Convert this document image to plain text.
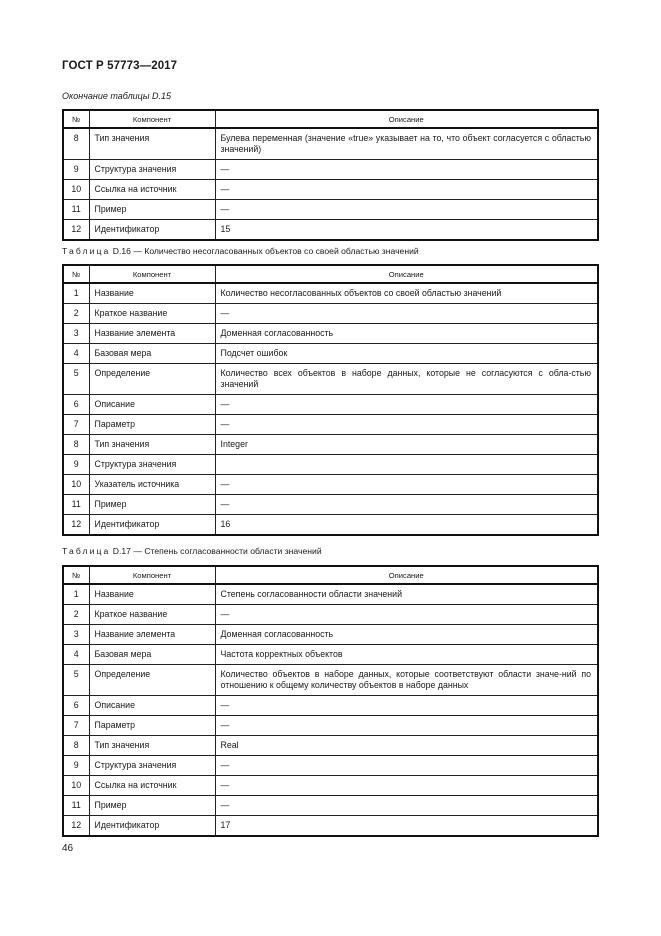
ГОСТ Р 57773—2017
Окончание таблицы D.15
№	Компонент	Описание
8	Тип значения	Булева переменная (значение «true» указывает на то, что объект согласуется с областью значений)
9	Структура значения	—
10	Ссылка на источник	—
11	Пример	—
12	Идентификатор	15
Таблица D.16 — Количество несогласованных объектов со своей областью значений
№	Компонент	Описание
1	Название	Количество несогласованных объектов со своей областью значений
2	Краткое название	—
3	Название элемента	Доменная согласованность
4	Базовая мера	Подсчет ошибок
5	Определение	Количество всех объектов в наборе данных, которые не согласуются с обла-стью значений
6	Описание	—
7	Параметр	—
8	Тип значения	Integer
9	Структура значения	
10	Указатель источника	—
11	Пример	—
12	Идентификатор	16
Таблица D.17 — Степень согласованности области значений
№	Компонент	Описание
1	Название	Степень согласованности области значений
2	Краткое название	—
3	Название элемента	Доменная согласованность
4	Базовая мера	Частота корректных объектов
5	Определение	Количество объектов в наборе данных, которые соответствуют области значе-ний по отношению к общему количеству объектов в наборе данных
6	Описание	—
7	Параметр	—
8	Тип значения	Real
9	Структура значения	—
10	Ссылка на источник	—
11	Пример	—
12	Идентификатор	17
46
